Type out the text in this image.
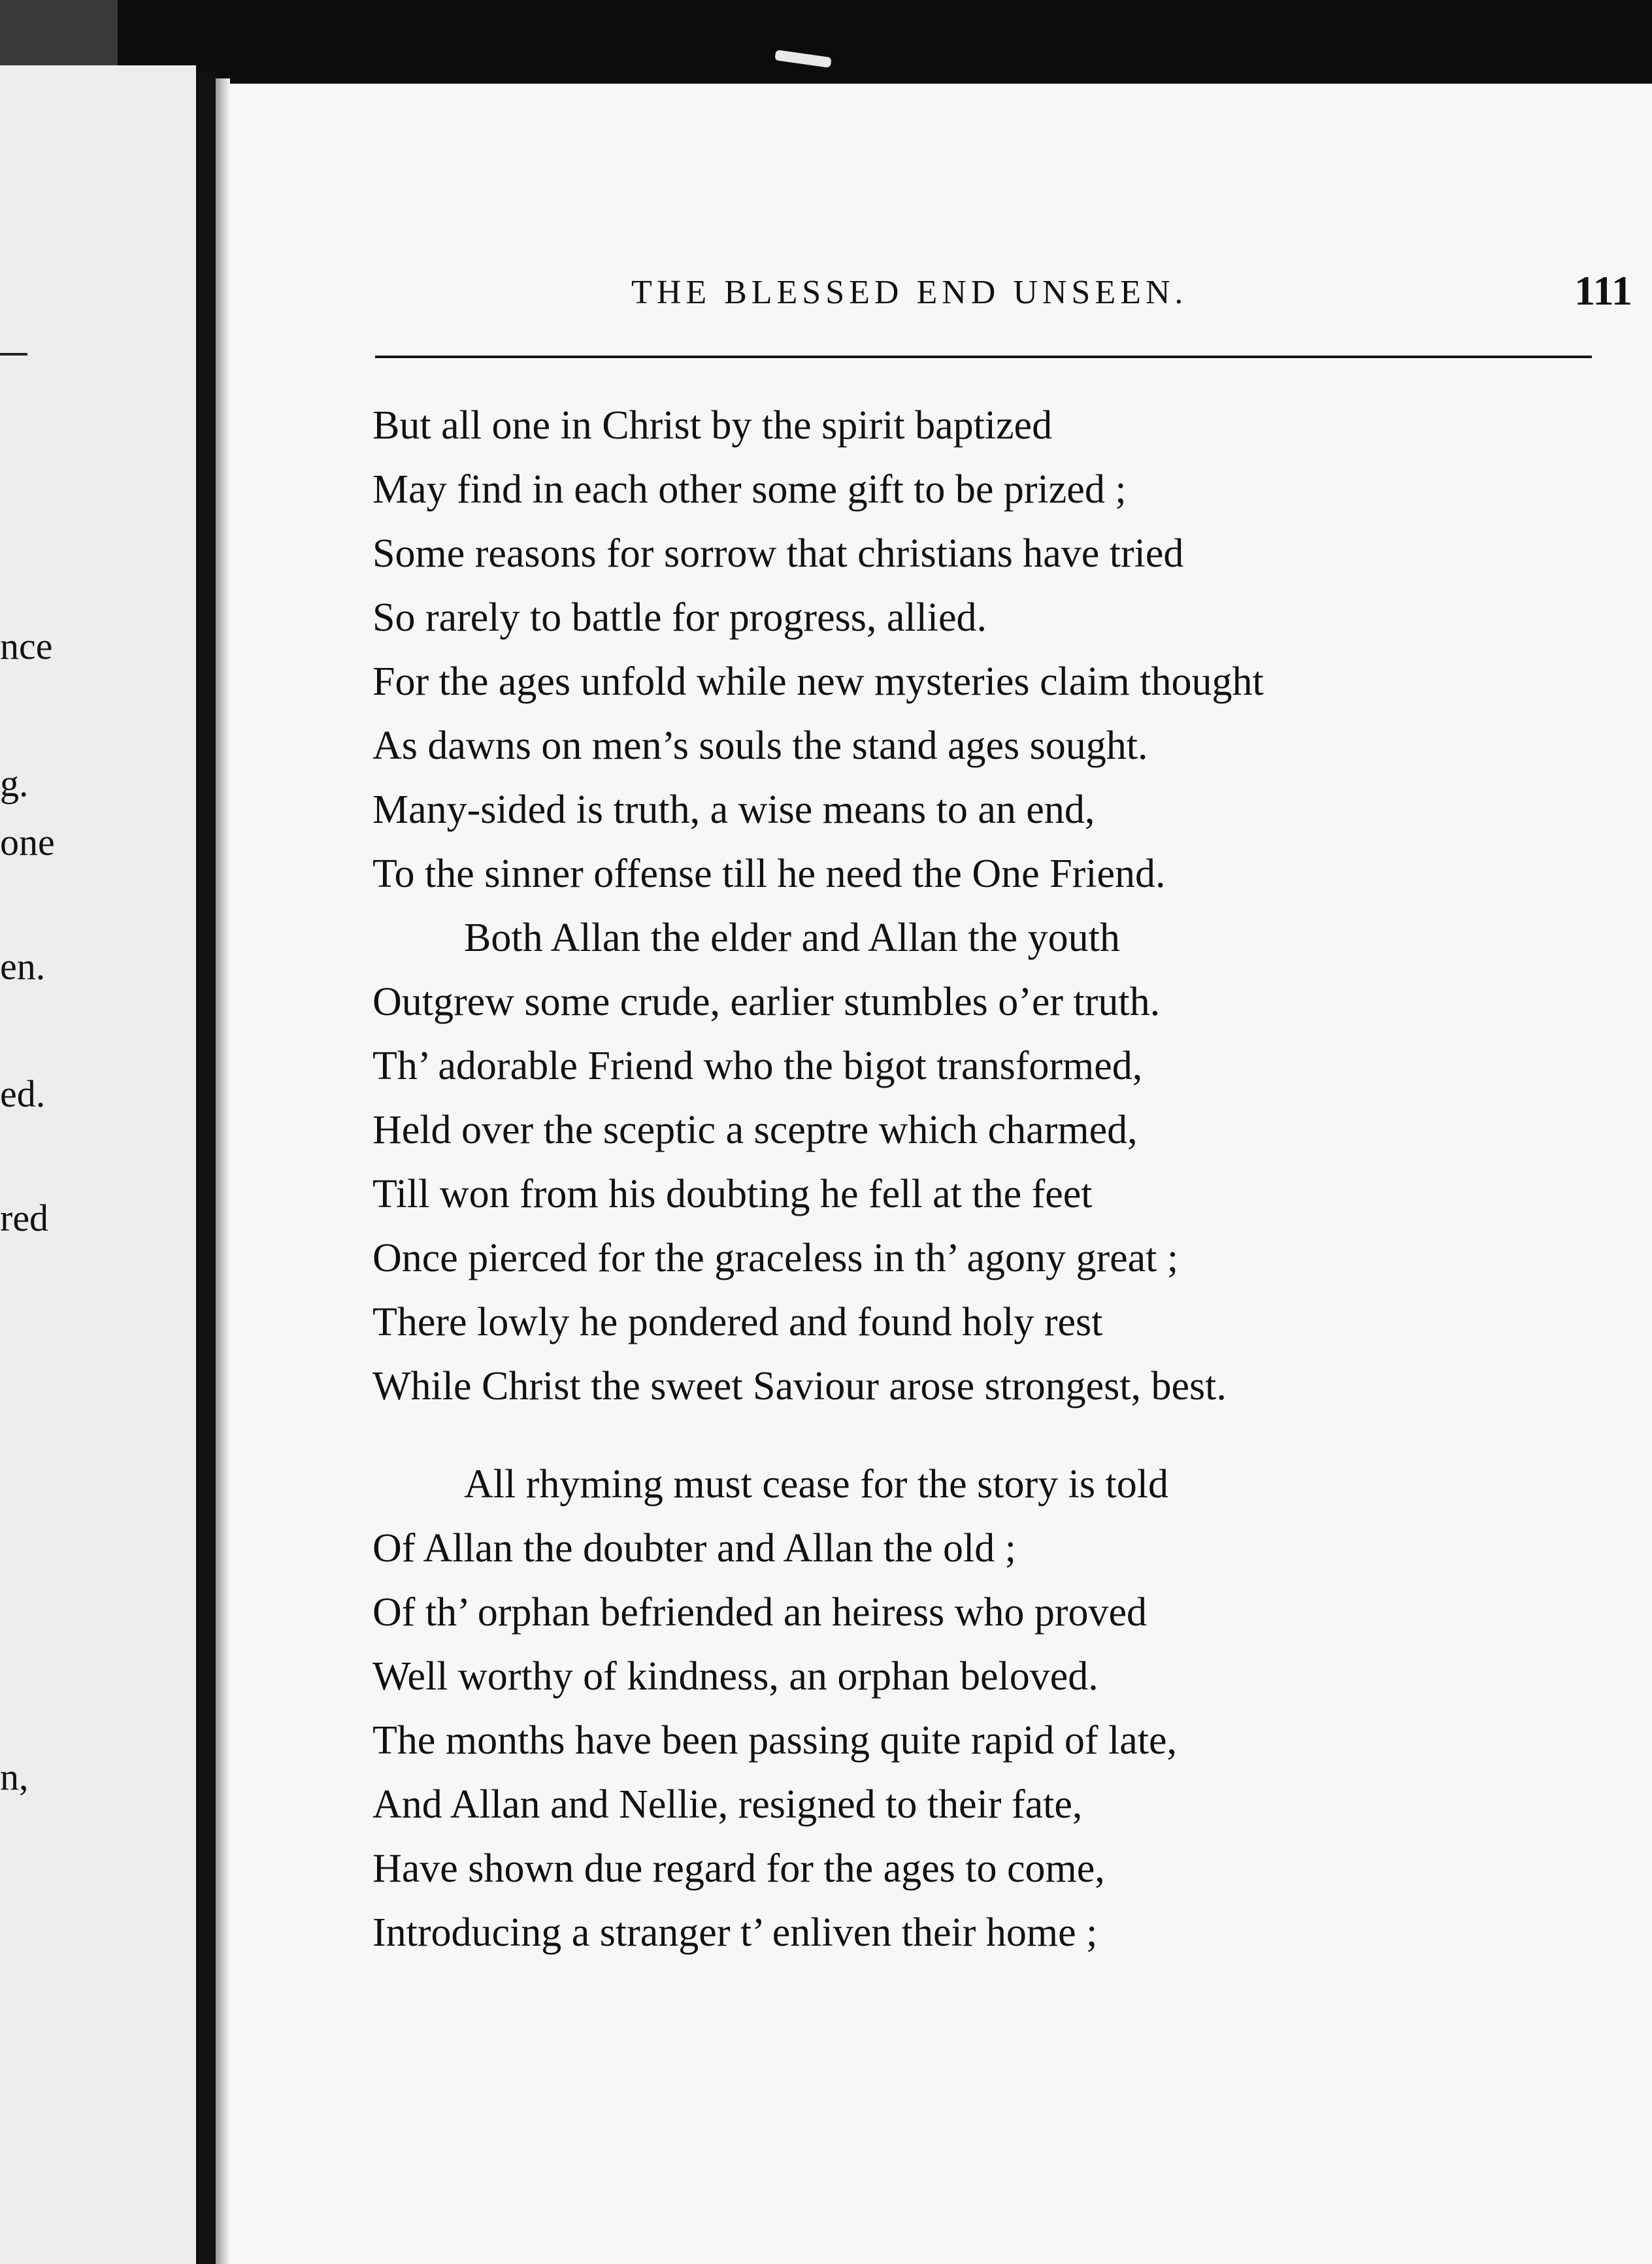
nce
g.
one
en.
ed.
red
n,
THE BLESSED END UNSEEN.	111
But all one in Christ by the spirit baptized
May find in each other some gift to be prized ;
Some reasons for sorrow that christians have tried
So rarely to battle for progress, allied.
For the ages unfold while new mysteries claim thought
As dawns on men’s souls the stand ages sought.
Many-sided is truth, a wise means to an end,
To the sinner offense till he need the One Friend.
Both Allan the elder and Allan the youth
Outgrew some crude, earlier stumbles o’er truth.
Th’ adorable Friend who the bigot transformed,
Held over the sceptic a sceptre which charmed,
Till won from his doubting he fell at the feet
Once pierced for the graceless in th’ agony great ;
There lowly he pondered and found holy rest
While Christ the sweet Saviour arose strongest, best.
All rhyming must cease for the story is told
Of Allan the doubter and Allan the old ;
Of th’ orphan befriended an heiress who proved
Well worthy of kindness, an orphan beloved.
The months have been passing quite rapid of late,
And Allan and Nellie, resigned to their fate,
Have shown due regard for the ages to come,
Introducing a stranger t’ enliven their home ;
